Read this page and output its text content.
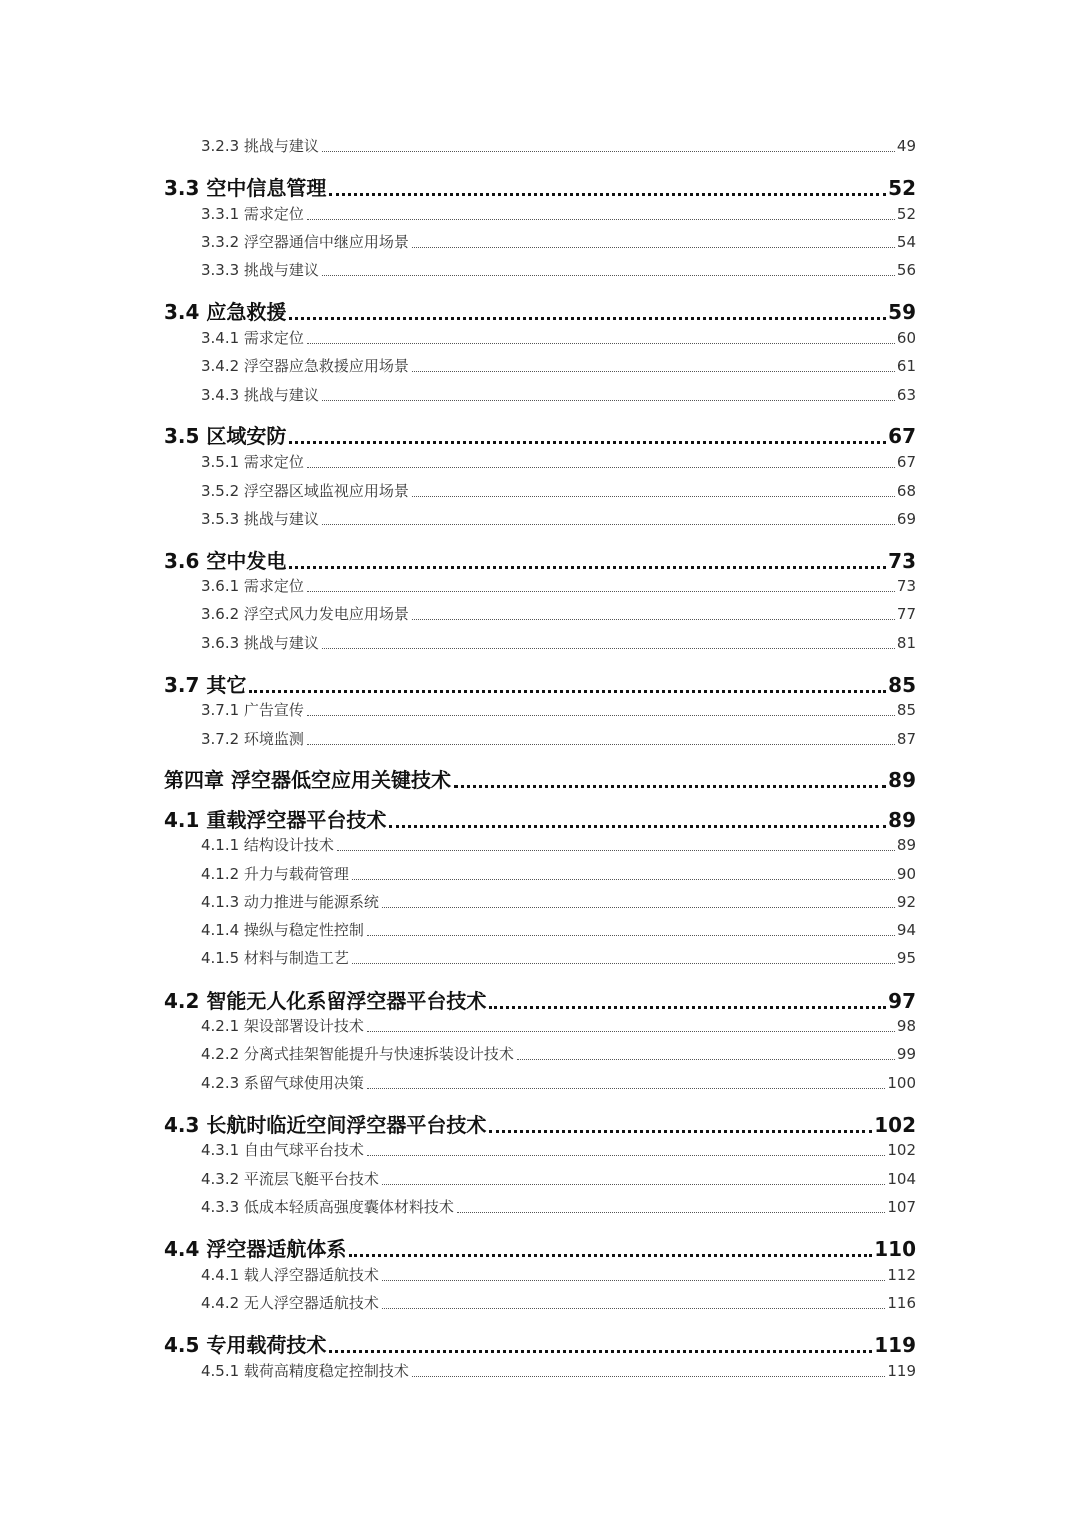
3.2.3 挑战与建议	49
3.3 空中信息管理	52
3.3.1 需求定位	52
3.3.2 浮空器通信中继应用场景	54
3.3.3 挑战与建议	56
3.4 应急救援	59
3.4.1 需求定位	60
3.4.2 浮空器应急救援应用场景	61
3.4.3 挑战与建议	63
3.5 区域安防	67
3.5.1 需求定位	67
3.5.2 浮空器区域监视应用场景	68
3.5.3 挑战与建议	69
3.6 空中发电	73
3.6.1 需求定位	73
3.6.2 浮空式风力发电应用场景	77
3.6.3 挑战与建议	81
3.7 其它	85
3.7.1 广告宣传	85
3.7.2 环境监测	87
第四章 浮空器低空应用关键技术	89
4.1 重载浮空器平台技术	89
4.1.1 结构设计技术	89
4.1.2 升力与载荷管理	90
4.1.3 动力推进与能源系统	92
4.1.4 操纵与稳定性控制	94
4.1.5 材料与制造工艺	95
4.2 智能无人化系留浮空器平台技术	97
4.2.1 架设部署设计技术	98
4.2.2 分离式挂架智能提升与快速拆装设计技术	99
4.2.3 系留气球使用决策	100
4.3 长航时临近空间浮空器平台技术	102
4.3.1 自由气球平台技术	102
4.3.2 平流层飞艇平台技术	104
4.3.3 低成本轻质高强度囊体材料技术	107
4.4 浮空器适航体系	110
4.4.1 载人浮空器适航技术	112
4.4.2 无人浮空器适航技术	116
4.5 专用载荷技术	119
4.5.1 载荷高精度稳定控制技术	119
